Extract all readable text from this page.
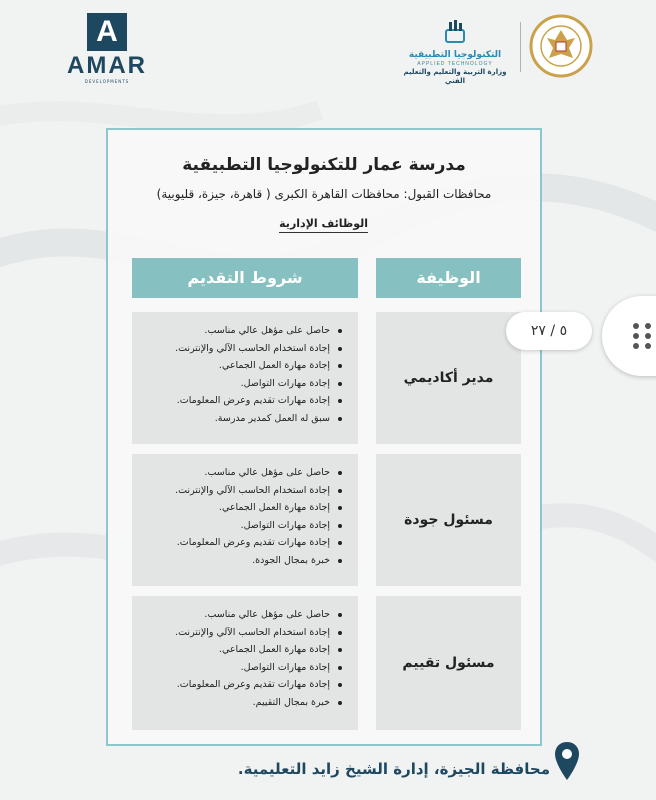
A
AMAR
DEVELOPMENTS
التكنولوجيا التطبيقية
APPLIED TECHNOLOGY
وزارة التربية والتعليم والتعليم الفني
مدرسة عمار للتكنولوجيا التطبيقية
محافظات القبول: محافظات القاهرة الكبرى ( قاهرة، جيزة، قليوبية)
الوظائف الإدارية
الوظيفة
شروط التقديم
مدير أكاديمي
حاصل على مؤهل عالي مناسب.
إجادة استخدام الحاسب الآلي والإنترنت.
إجادة مهارة العمل الجماعي.
إجادة مهارات التواصل.
إجادة مهارات تقديم وعرض المعلومات.
سبق له العمل كمدير مدرسة.
مسئول جودة
حاصل على مؤهل عالي مناسب.
إجادة استخدام الحاسب الآلي والإنترنت.
إجادة مهارة العمل الجماعي.
إجادة مهارات التواصل.
إجادة مهارات تقديم وعرض المعلومات.
خبرة بمجال الجودة.
مسئول تقييم
حاصل على مؤهل عالي مناسب.
إجادة استخدام الحاسب الآلي والإنترنت.
إجادة مهارة العمل الجماعي.
إجادة مهارات التواصل.
إجادة مهارات تقديم وعرض المعلومات.
خبرة بمجال التقييم.
٥ / ٢٧
محافظة الجيزة، إدارة الشيخ زايد التعليمية.
